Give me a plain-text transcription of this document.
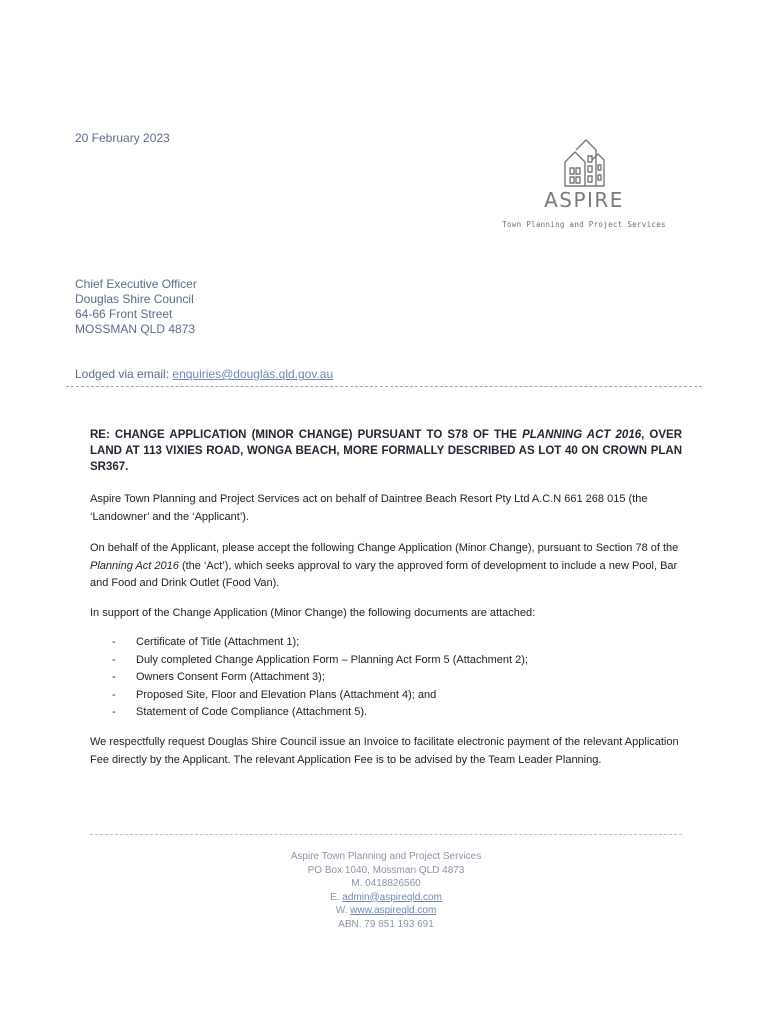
20 February 2023
ASPIRE
Town Planning and Project Services
Chief Executive Officer
Douglas Shire Council
64-66 Front Street
MOSSMAN QLD 4873
Lodged via email: enquiries@douglas.qld.gov.au
RE: CHANGE APPLICATION (MINOR CHANGE) PURSUANT TO S78 OF THE PLANNING ACT 2016, OVER LAND AT 113 VIXIES ROAD, WONGA BEACH, MORE FORMALLY DESCRIBED AS LOT 40 ON CROWN PLAN SR367.
Aspire Town Planning and Project Services act on behalf of Daintree Beach Resort Pty Ltd A.C.N 661 268 015 (the ‘Landowner’ and the ‘Applicant’).
On behalf of the Applicant, please accept the following Change Application (Minor Change), pursuant to Section 78 of the Planning Act 2016 (the ‘Act’), which seeks approval to vary the approved form of development to include a new Pool, Bar and Food and Drink Outlet (Food Van).
In support of the Change Application (Minor Change) the following documents are attached:
- Certificate of Title (Attachment 1);
- Duly completed Change Application Form – Planning Act Form 5 (Attachment 2);
- Owners Consent Form (Attachment 3);
- Proposed Site, Floor and Elevation Plans (Attachment 4); and
- Statement of Code Compliance (Attachment 5).
We respectfully request Douglas Shire Council issue an Invoice to facilitate electronic payment of the relevant Application Fee directly by the Applicant. The relevant Application Fee is to be advised by the Team Leader Planning.
Aspire Town Planning and Project Services
PO Box 1040, Mossman QLD 4873
M. 0418826560
E. admin@aspireqld.com
W. www.aspireqld.com
ABN. 79 851 193 691
